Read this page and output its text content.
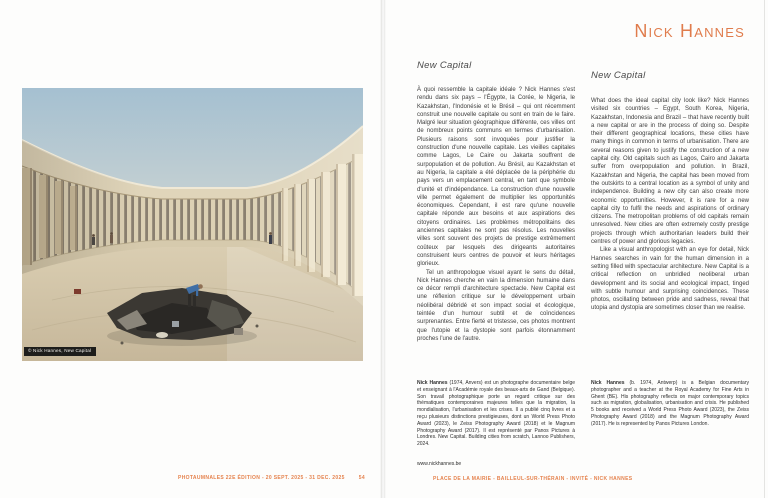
© Nick Hannes, New Capital
PHOTAUMNALES 22E ÉDITION - 20 SEPT. 2025 - 31 DEC. 2025	54
Nick Hannes
New Capital

À quoi ressemble la capitale idéale ? Nick Hannes s'est rendu dans six pays – l'Égypte, la Corée, le Nigeria, le Kazakhstan, l'Indonésie et le Brésil – qui ont récemment construit une nouvelle capitale ou sont en train de le faire. Malgré leur situation géographique différente, ces villes ont de nombreux points communs en termes d'urbanisation. Plusieurs raisons sont invoquées pour justifier la construction d'une nouvelle capitale. Les vieilles capitales comme Lagos, Le Caire ou Jakarta souffrent de surpopulation et de pollution. Au Brésil, au Kazakhstan et au Nigeria, la capitale a été déplacée de la périphérie du pays vers un emplacement central, en tant que symbole d'unité et d'indépendance. La construction d'une nouvelle ville permet également de multiplier les opportunités économiques. Cependant, il est rare qu'une nouvelle capitale réponde aux besoins et aux aspirations des citoyens ordinaires. Les problèmes métropolitains des anciennes capitales ne sont pas résolus. Les nouvelles villes sont souvent des projets de prestige extrêmement coûteux par lesquels des dirigeants autoritaires construisent leurs centres de pouvoir et leurs héritages glorieux.

Tel un anthropologue visuel ayant le sens du détail, Nick Hannes cherche en vain la dimension humaine dans ce décor rempli d'architecture spectacle. New Capital est une réflexion critique sur le développement urbain néolibéral débridé et son impact social et écologique, teintée d'un humour subtil et de coïncidences surprenantes. Entre fierté et tristesse, ces photos montrent que l'utopie et la dystopie sont parfois étonnamment proches l'une de l'autre.

New Capital

What does the ideal capital city look like? Nick Hannes visited six countries – Egypt, South Korea, Nigeria, Kazakhstan, Indonesia and Brazil – that have recently built a new capital or are in the process of doing so. Despite their different geographical locations, these cities have many things in common in terms of urbanisation. There are several reasons given to justify the construction of a new capital city. Old capitals such as Lagos, Cairo and Jakarta suffer from overpopulation and pollution. In Brazil, Kazakhstan and Nigeria, the capital has been moved from the outskirts to a central location as a symbol of unity and independence. Building a new city can also create more economic opportunities. However, it is rare for a new capital city to fulfil the needs and aspirations of ordinary citizens. The metropolitan problems of old capitals remain unresolved. New cities are often extremely costly prestige projects through which authoritarian leaders build their centres of power and glorious legacies.

Like a visual anthropologist with an eye for detail, Nick Hannes searches in vain for the human dimension in a setting filled with spectacular architecture. New Capital is a critical reflection on unbridled neoliberal urban development and its social and ecological impact, tinged with subtle humour and surprising coincidences. These photos, oscillating between pride and sadness, reveal that utopia and dystopia are sometimes closer than we realise.

Nick Hannes (1974, Anvers) est un photographe documentaire belge et enseignant à l'Académie royale des beaux-arts de Gand (Belgique). Son travail photographique porte un regard critique sur des thématiques contemporaines majeures telles que la migration, la mondialisation, l'urbanisation et les crises. Il a publié cinq livres et a reçu plusieurs distinctions prestigieuses, dont un World Press Photo Award (2023), le Zeiss Photography Award (2018) et le Magnum Photography Award (2017). Il est représenté par Panos Pictures à Londres. New Capital. Building cities from scratch, Lannoo Publishers, 2024.
www.nickhannes.be
Nick Hannes (b. 1974, Antwerp) is a Belgian documentary photographer and a teacher at the Royal Academy for Fine Arts in Ghent (BE). His photography reflects on major contemporary topics such as migration, globalisation, urbanisation and crisis. He published 5 books and received a World Press Photo Award (2023), the Zeiss Photography Award (2018) and the Magnum Photography Award (2017). He is represented by Panos Pictures London.
PLACE DE LA MAIRIE - BAILLEUL-SUR-THÉRAIN - INVITÉ - NICK HANNES
